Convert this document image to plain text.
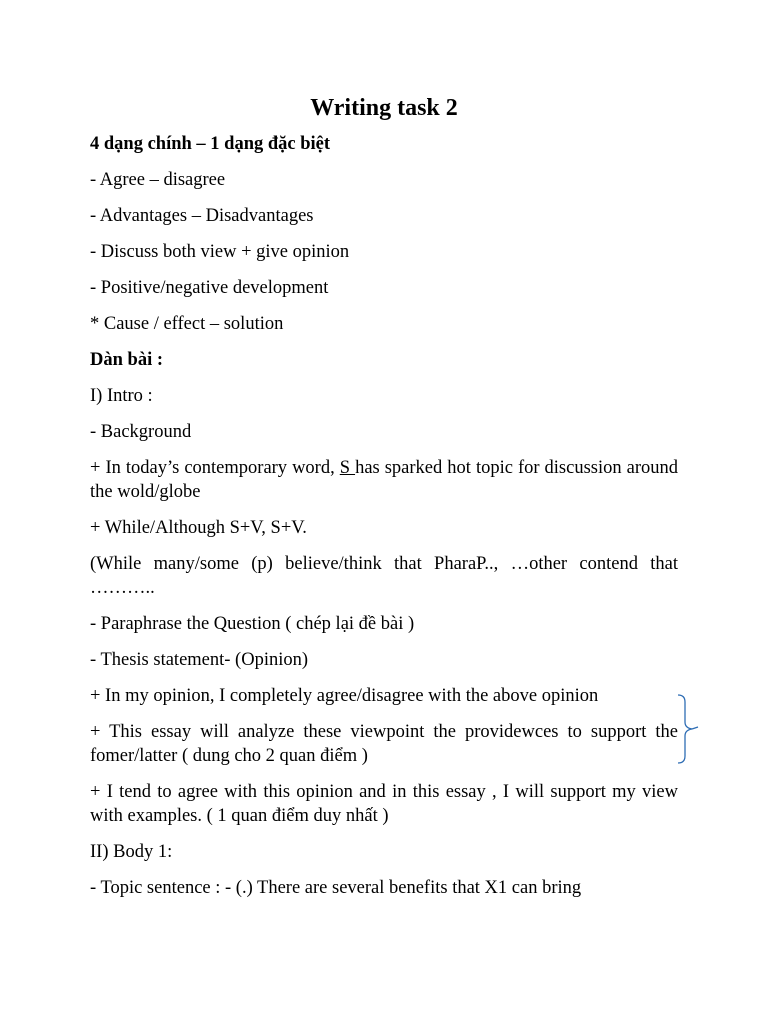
Writing task 2
4 dạng chính – 1 dạng đặc biệt
- Agree – disagree
- Advantages – Disadvantages
- Discuss both view + give opinion
- Positive/negative development
* Cause / effect – solution
Dàn bài :
I) Intro :
- Background
+ In today’s contemporary word, S has sparked hot topic for discussion around the wold/globe
+ While/Although S+V, S+V.
(While many/some (p) believe/think that PharaP.., …other contend that ………..
- Paraphrase the Question ( chép lại đề bài )
- Thesis statement- (Opinion)
+ In my opinion, I completely agree/disagree with the above opinion
+ This essay will analyze these viewpoint the providewces to support the fomer/latter ( dung cho 2 quan điểm )
+ I tend to agree with this opinion and in this essay , I will support my view with examples. ( 1 quan điểm duy nhất )
II) Body 1:
- Topic sentence : - (.) There are several benefits that X1 can bring
